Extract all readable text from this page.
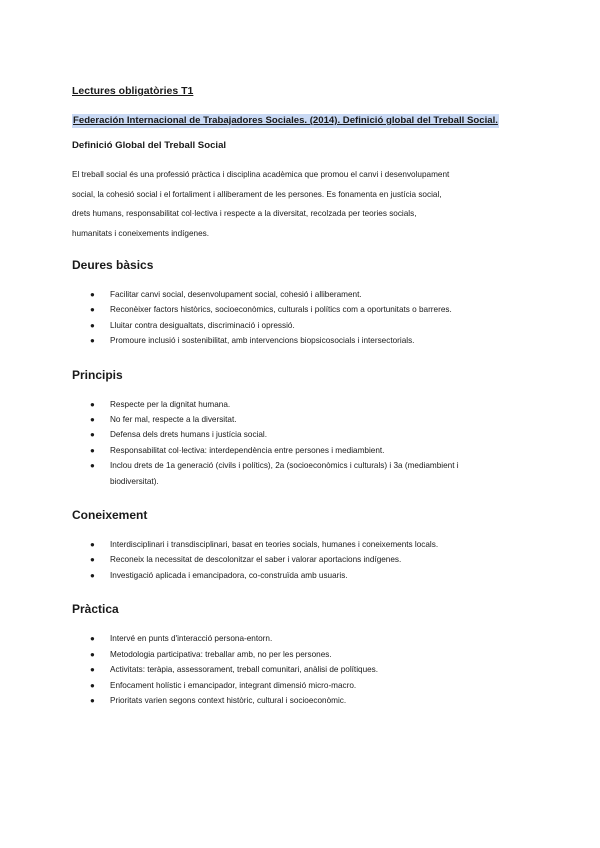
Lectures obligatòries T1
Federación Internacional de Trabajadores Sociales. (2014). Definició global del Treball Social.
Definició Global del Treball Social
El treball social és una professió pràctica i disciplina acadèmica que promou el canvi i desenvolupament
social, la cohesió social i el fortaliment i alliberament de les persones. Es fonamenta en justícia social,
drets humans, responsabilitat col·lectiva i respecte a la diversitat, recolzada per teories socials,
humanitats i coneixements indígenes.
Deures bàsics
● Facilitar canvi social, desenvolupament social, cohesió i alliberament.
● Reconèixer factors històrics, socioeconòmics, culturals i polítics com a oportunitats o barreres.
● Lluitar contra desigualtats, discriminació i opressió.
● Promoure inclusió i sostenibilitat, amb intervencions biopsicosocials i intersectorials.
Principis
● Respecte per la dignitat humana.
● No fer mal, respecte a la diversitat.
● Defensa dels drets humans i justícia social.
● Responsabilitat col·lectiva: interdependència entre persones i mediambient.
● Inclou drets de 1a generació (civils i polítics), 2a (socioeconòmics i culturals) i 3a (mediambient i
biodiversitat).
Coneixement
● Interdisciplinari i transdisciplinari, basat en teories socials, humanes i coneixements locals.
● Reconeix la necessitat de descolonitzar el saber i valorar aportacions indígenes.
● Investigació aplicada i emancipadora, co-construïda amb usuaris.
Pràctica
● Intervé en punts d'interacció persona-entorn.
● Metodologia participativa: treballar amb, no per les persones.
● Activitats: teràpia, assessorament, treball comunitari, anàlisi de polítiques.
● Enfocament holístic i emancipador, integrant dimensió micro-macro.
● Prioritats varien segons context històric, cultural i socioeconòmic.
